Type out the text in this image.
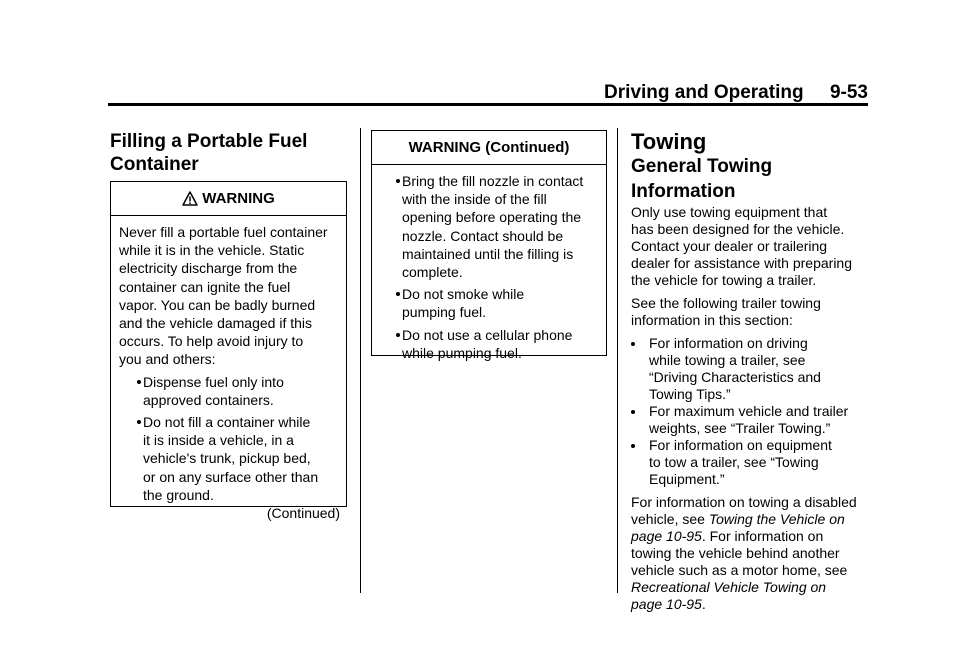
Driving and Operating     9-53
Filling a Portable Fuel
Container
WARNING
Never fill a portable fuel container
while it is in the vehicle. Static
electricity discharge from the
container can ignite the fuel
vapor. You can be badly burned
and the vehicle damaged if this
occurs. To help avoid injury to
you and others:
Dispense fuel only into
approved containers.
Do not fill a container while
it is inside a vehicle, in a
vehicle's trunk, pickup bed,
or on any surface other than
the ground.
(Continued)
WARNING (Continued)
Bring the fill nozzle in contact
with the inside of the fill
opening before operating the
nozzle. Contact should be
maintained until the filling is
complete.
Do not smoke while
pumping fuel.
Do not use a cellular phone
while pumping fuel.
Towing
General Towing
Information

Only use towing equipment that
has been designed for the vehicle.
Contact your dealer or trailering
dealer for assistance with preparing
the vehicle for towing a trailer.

See the following trailer towing
information in this section:

For information on driving
while towing a trailer, see
“Driving Characteristics and
Towing Tips.”
For maximum vehicle and trailer
weights, see “Trailer Towing.”
For information on equipment
to tow a trailer, see “Towing
Equipment.”

For information on towing a disabled
vehicle, see Towing the Vehicle on
page 10-95. For information on
towing the vehicle behind another
vehicle such as a motor home, see
Recreational Vehicle Towing on
page 10-95.
